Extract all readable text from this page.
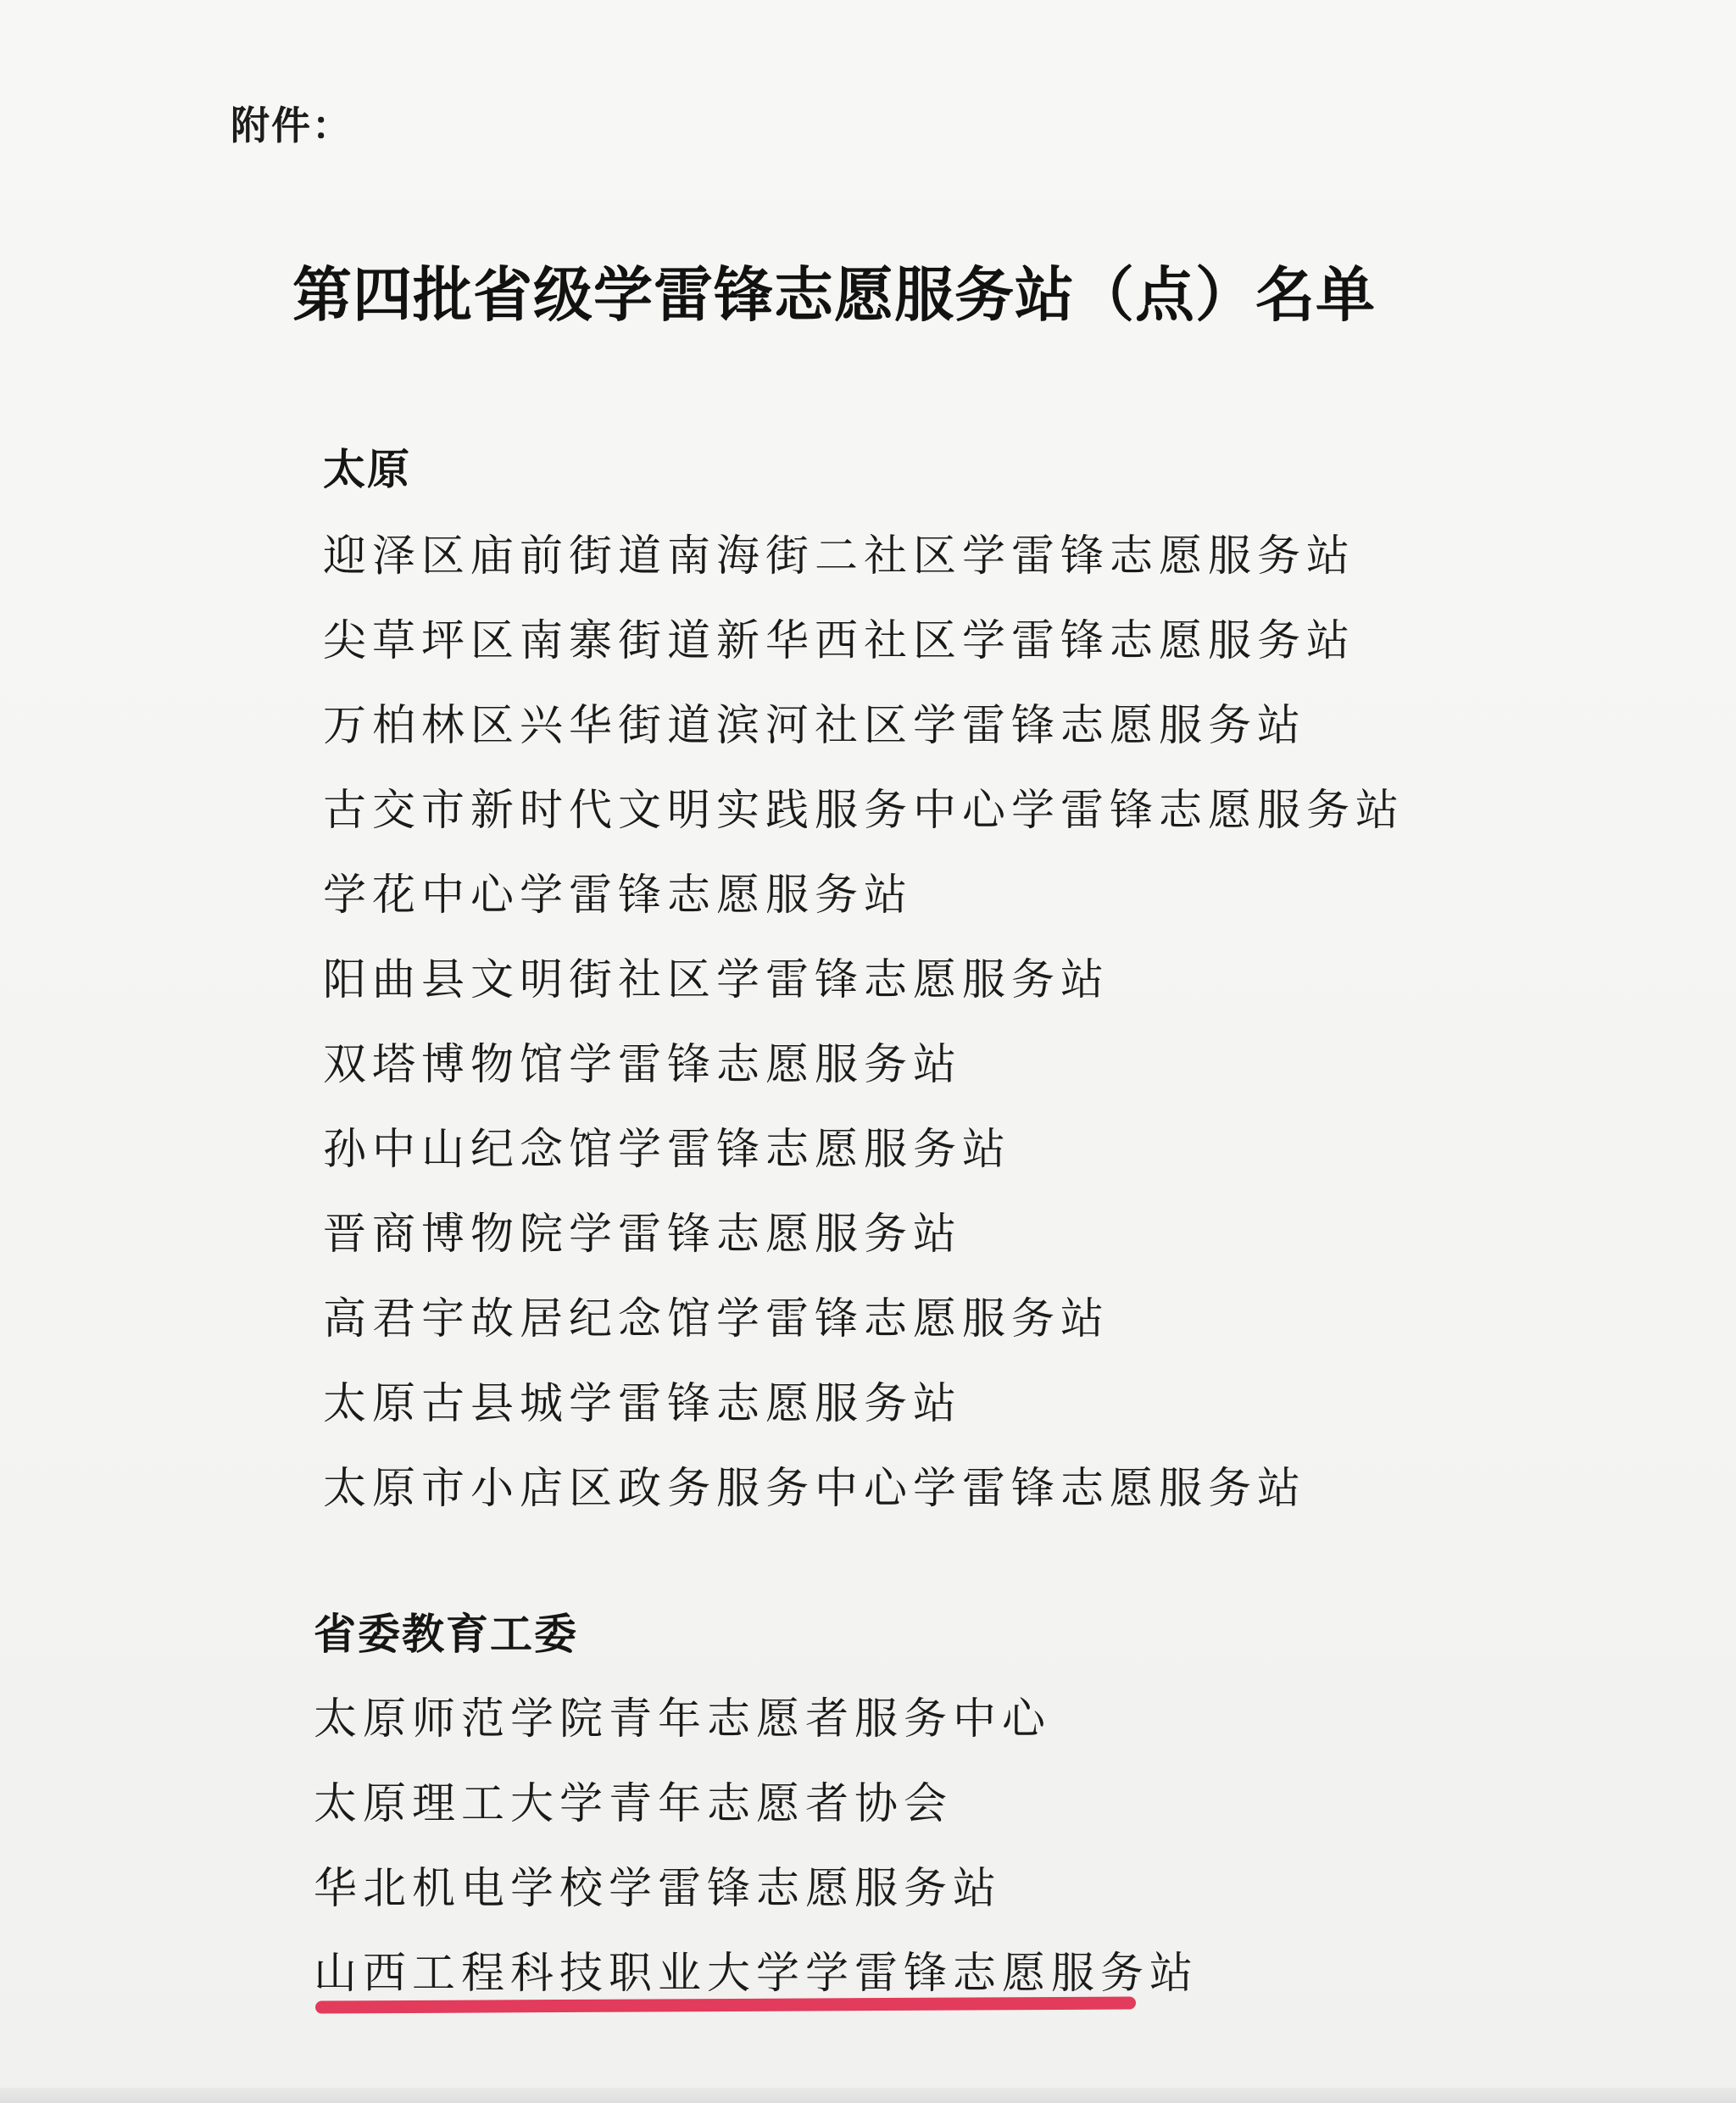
附件：
第四批省级学雷锋志愿服务站（点）名单
太原
迎泽区庙前街道南海街二社区学雷锋志愿服务站
尖草坪区南寨街道新华西社区学雷锋志愿服务站
万柏林区兴华街道滨河社区学雷锋志愿服务站
古交市新时代文明实践服务中心学雷锋志愿服务站
学花中心学雷锋志愿服务站
阳曲县文明街社区学雷锋志愿服务站
双塔博物馆学雷锋志愿服务站
孙中山纪念馆学雷锋志愿服务站
晋商博物院学雷锋志愿服务站
高君宇故居纪念馆学雷锋志愿服务站
太原古县城学雷锋志愿服务站
太原市小店区政务服务中心学雷锋志愿服务站
省委教育工委
太原师范学院青年志愿者服务中心
太原理工大学青年志愿者协会
华北机电学校学雷锋志愿服务站
山西工程科技职业大学学雷锋志愿服务站
